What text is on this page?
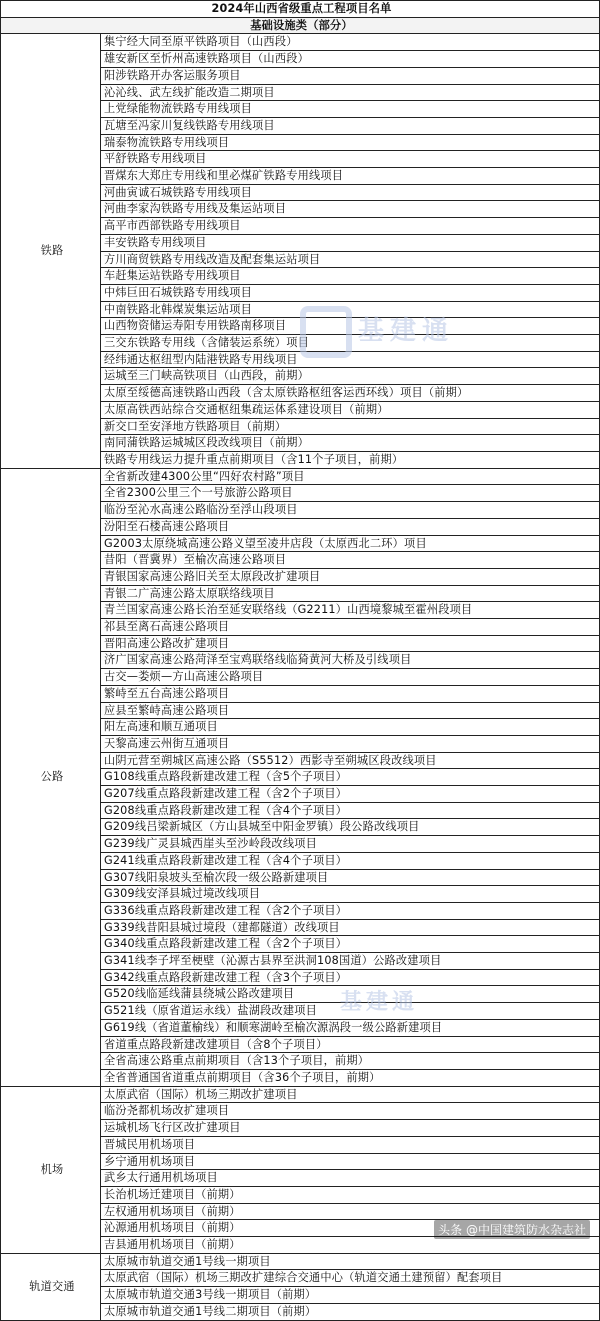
2024年山西省级重点工程项目名单	
基础设施类（部分）	
铁路	集宁经大同至原平铁路项目（山西段）
	雄安新区至忻州高速铁路项目（山西段）
	阳涉铁路开办客运服务项目
	沁沁线、武左线扩能改造二期项目
	上党绿能物流铁路专用线项目
	瓦塘至冯家川复线铁路专用线项目
	瑞泰物流铁路专用线项目
	平舒铁路专用线项目
	晋煤东大郑庄专用线和里必煤矿铁路专用线项目
	河曲寅诚石城铁路专用线项目
	河曲李家沟铁路专用线及集运站项目
	高平市西部铁路专用线项目
	丰安铁路专用线项目
	方川商贸铁路专用线改造及配套集运站项目
	车赶集运站铁路专用线项目
	中炜巨田石城铁路专用线项目
	中南铁路北韩煤炭集运站项目
	山西物资储运寿阳专用铁路南移项目
	三交东铁路专用线（含储装运系统）项目
	经纬通达枢纽型内陆港铁路专用线项目
	运城至三门峡高铁项目（山西段，前期）
	太原至绥德高速铁路山西段（含太原铁路枢纽客运西环线）项目（前期）
	太原高铁西站综合交通枢纽集疏运体系建设项目（前期）
	新交口至安泽地方铁路项目（前期）
	南同蒲铁路运城城区段改线项目（前期）
	铁路专用线运力提升重点前期项目（含11个子项目，前期）
公路	全省新改建4300公里“四好农村路”项目
	全省2300公里三个一号旅游公路项目
	临汾至沁水高速公路临汾至浮山段项目
	汾阳至石楼高速公路项目
	G2003太原绕城高速公路义望至凌井店段（太原西北二环）项目
	昔阳（晋冀界）至榆次高速公路项目
	青银国家高速公路旧关至太原段改扩建项目
	青银二广高速公路太原联络线项目
	青兰国家高速公路长治至延安联络线（G2211）山西境黎城至霍州段项目
	祁县至离石高速公路项目
	晋阳高速公路改扩建项目
	济广国家高速公路菏泽至宝鸡联络线临猗黄河大桥及引线项目
	古交—娄烦—方山高速公路项目
	繁峙至五台高速公路项目
	应县至繁峙高速公路项目
	阳左高速和顺互通项目
	天黎高速云州街互通项目
	山阴元营至朔城区高速公路（S5512）西影寺至朔城区段改线项目
	G108线重点路段新建改建工程（含5个子项目）
	G207线重点路段新建改建工程（含2个子项目）
	G208线重点路段新建改建工程（含4个子项目）
	G209线吕梁新城区（方山县城至中阳金罗镇）段公路改线项目
	G239线广灵县城西崖头至沙岭段改线项目
	G241线重点路段新建改建工程（含4个子项目）
	G307线阳泉坡头至榆次段一级公路新建项目
	G309线安泽县城过境改线项目
	G336线重点路段新建改建工程（含2个子项目）
	G339线昔阳县城过境段（建都隧道）改线项目
	G340线重点路段新建改建工程（含2个子项目）
	G341线李子坪至梗壁（沁源古县界至洪洞108国道）公路改建项目
	G342线重点路段新建改建工程（含3个子项目）
	G520线临延线蒲县绕城公路改建项目
	G521线（原省道运永线）盐湖段改建项目
	G619线（省道董榆线）和顺寒湖岭至榆次源涡段一级公路新建项目
	省道重点路段新建改建项目（含8个子项目）
	全省高速公路重点前期项目（含13个子项目，前期）
	全省普通国省道重点前期项目（含36个子项目，前期）
机场	太原武宿（国际）机场三期改扩建项目
	临汾尧都机场改扩建项目
	运城机场飞行区改扩建项目
	晋城民用机场项目
	乡宁通用机场项目
	武乡太行通用机场项目
	长治机场迁建项目（前期）
	左权通用机场项目（前期）
	沁源通用机场项目（前期）
	吉县通用机场项目（前期）
轨道交通	太原城市轨道交通1号线一期项目
	太原武宿（国际）机场三期改扩建综合交通中心（轨道交通土建预留）配套项目
	太原城市轨道交通3号线一期项目（前期）
	太原城市轨道交通1号线二期项目（前期）
基建通
基建通
头条 @中国建筑防水杂志社
